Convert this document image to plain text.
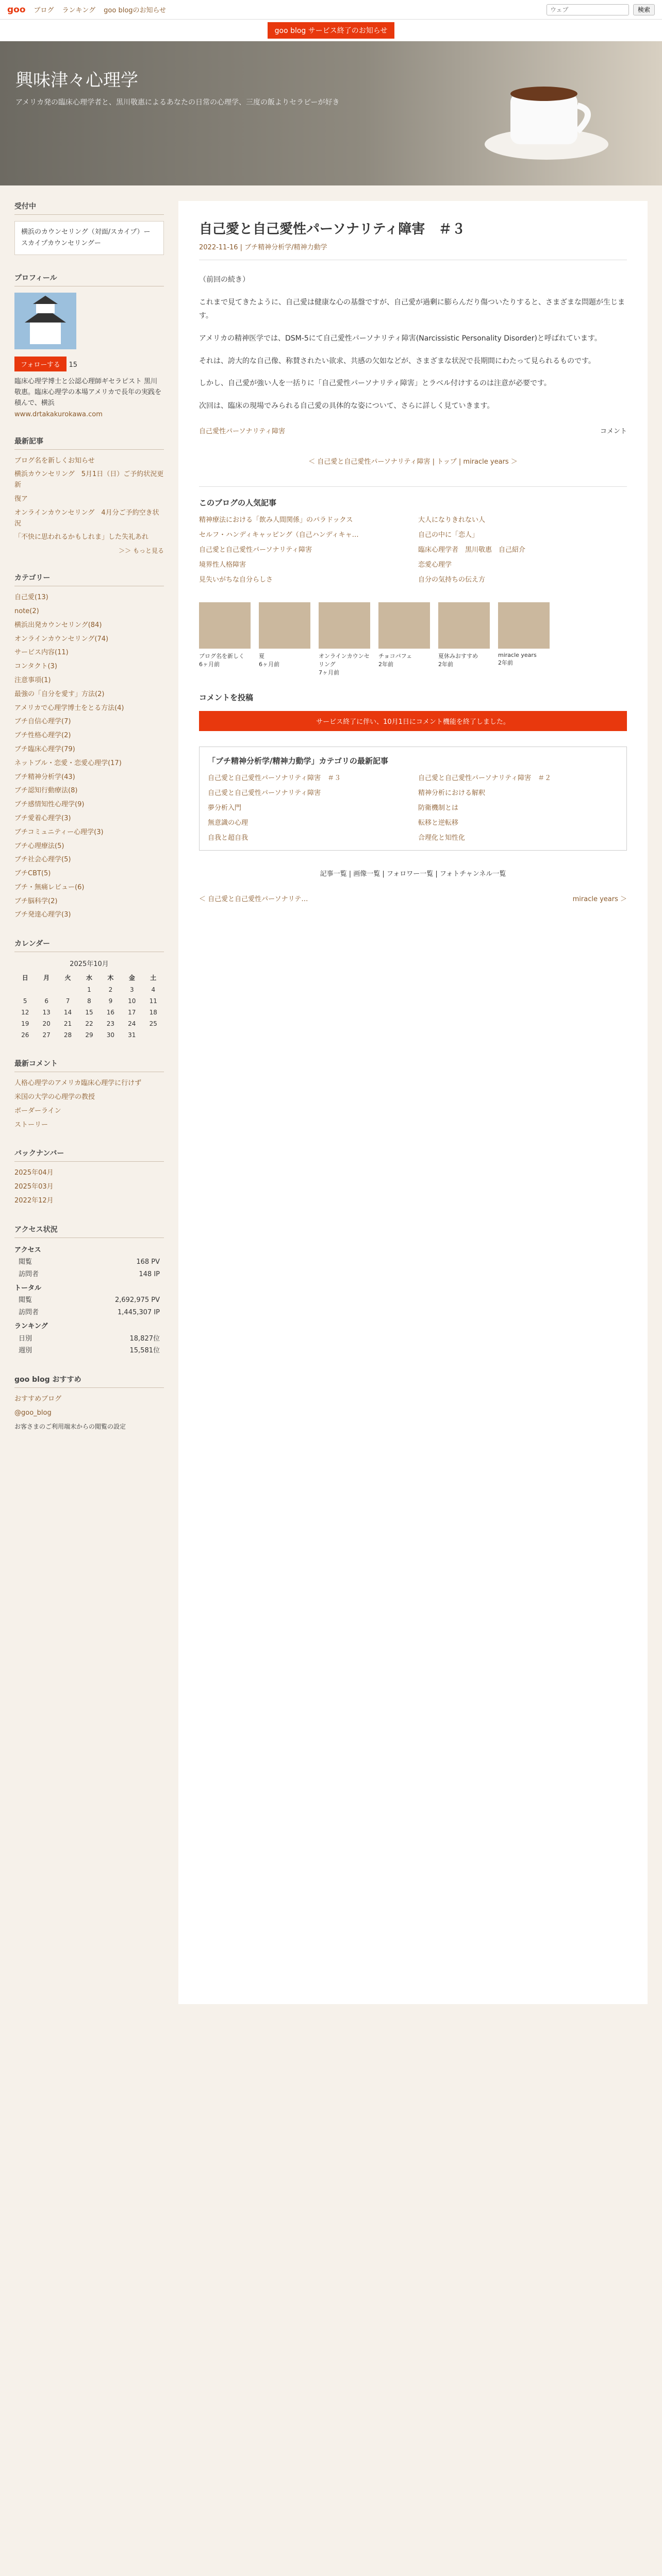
goo ブログ ランキング goo blogのお知らせ
ウェブ	検索
goo blog サービス終了のお知らせ
興味津々心理学
アメリカ発の臨床心理学者と、黒川敬惠によるあなたの日常の心理学、三度の飯よりセラピーが好き
受付中
横浜のカウンセリング（対面/スカイプ）ー スカイプカウンセリングー
プロフィール
フォローする 15
臨床心理学博士と公認心理師ギセラピスト 黒川敬惠。臨床心理学の本場アメリカで長年の実践を積んで、横浜
www.drtakakurokawa.com
最新記事
ブログ名を新しくお知らせ
横浜カウンセリング　5月1日（日）ご予約状況更新
復ア
オンラインカウンセリング　4月分ご予約空き状況
「不快に思われるかもしれま」した失礼あれ
＞＞ もっと見る
カテゴリー
自己愛(13)
note(2)
横浜出発カウンセリング(84)
オンラインカウンセリング(74)
サービス内容(11)
コンタクト(3)
注意事項(1)
最強の「自分を愛す」方法(2)
アメリカで心理学博士をとる方法(4)
ブチ自信心理学(7)
ブチ性格心理学(2)
ブチ臨床心理学(79)
ネットブル・恋愛・恋愛心理学(17)
ブチ精神分析学(43)
ブチ認知行動療法(8)
ブチ感情知性心理学(9)
ブチ愛着心理学(3)
ブチコミュニティー心理学(3)
ブチ心理療法(5)
ブチ社会心理学(5)
ブチCBT(5)
ブチ・無痛レビュー(6)
ブチ脳科学(2)
ブチ発達心理学(3)
カレンダー
2025年10月
日	月	火	水	木	金	土
			1	2	3	4
5	6	7	8	9	10	11
12	13	14	15	16	17	18
19	20	21	22	23	24	25
26	27	28	29	30	31	
最新コメント
人格心理学のアメリカ臨床心理学に行けず
米国の大学の心理学の教授
ボーダーライン
ストーリー
バックナンバー
2025年04月
2025年03月
2022年12月
アクセス状況
アクセス
閲覧	168 PV
訪問者	148 IP
トータル
閲覧	2,692,975 PV
訪問者	1,445,307 IP
ランキング
日別	18,827位
週別	15,581位
goo blog おすすめ
おすすめブログ
@goo_blog
お客さまのご利用端末からの閲覧の設定
自己愛と自己愛性パーソナリティ障害　＃３
2022-11-16 | ブチ精神分析学/精神力動学

（前回の続き）

これまで見てきたように、自己愛は健康な心の基盤ですが、自己愛が過剰に膨らんだり傷ついたりすると、さまざまな問題が生じます。

アメリカの精神医学では、DSM-5にて自己愛性パーソナリティ障害(Narcissistic Personality Disorder)と呼ばれています。

それは、誇大的な自己像、称賛されたい欲求、共感の欠如などが、さまざまな状況で長期間にわたって見られるものです。

しかし、自己愛が強い人を一括りに「自己愛性パーソナリティ障害」とラベル付けするのは注意が必要です。

次回は、臨床の現場でみられる自己愛の具体的な姿について、さらに詳しく見ていきます。

自己愛性パーソナリティ障害	コメント
＜ 自己愛と自己愛性パーソナリティ障害 | トップ | miracle years ＞
このブログの人気記事
精神療法における「飲み人間関係」のパラドックス	大人になりきれない人
セルフ・ハンディキャッピング（自己ハンディキャ…	自己の中に「恋人」
自己愛と自己愛性パーソナリティ障害	臨床心理学者　黒川敬惠　自己紹介
境界性人格障害	恋愛心理学
見失いがちな自分らしさ	自分の気持ちの伝え方
ブログ名を新しく
6ヶ月前
夏
6ヶ月前
オンラインカウンセリング
7ヶ月前
チョコパフェ
2年前
夏休みおすすめ
2年前
miracle years
2年前
コメントを投稿
サービス終了に伴い、10月1日にコメント機能を終了しました。
「ブチ精神分析学/精神力動学」カテゴリの最新記事
自己愛と自己愛性パーソナリティ障害　＃３	自己愛と自己愛性パーソナリティ障害　＃２
自己愛と自己愛性パーソナリティ障害	精神分析における解釈
夢分析入門	防衛機制とは
無意識の心理	転移と逆転移
自我と超自我	合理化と知性化
記事一覧 | 画像一覧 | フォロワー一覧 | フォトチャンネル一覧
＜ 自己愛と自己愛性パーソナリテ…	miracle years ＞
